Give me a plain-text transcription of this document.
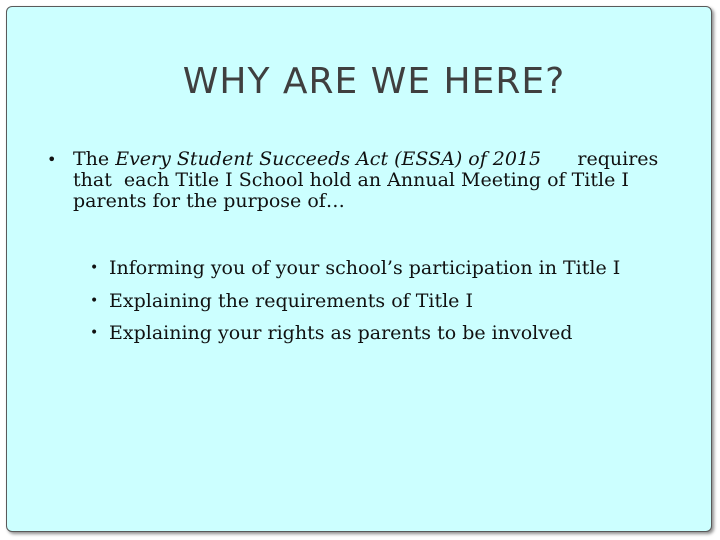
WHY ARE WE HERE?

• The Every Student Succeeds Act (ESSA) of 2015      requires that  each Title I School hold an Annual Meeting of Title I parents for the purpose of…

• Informing you of your school’s participation in Title I
• Explaining the requirements of Title I
• Explaining your rights as parents to be involved
